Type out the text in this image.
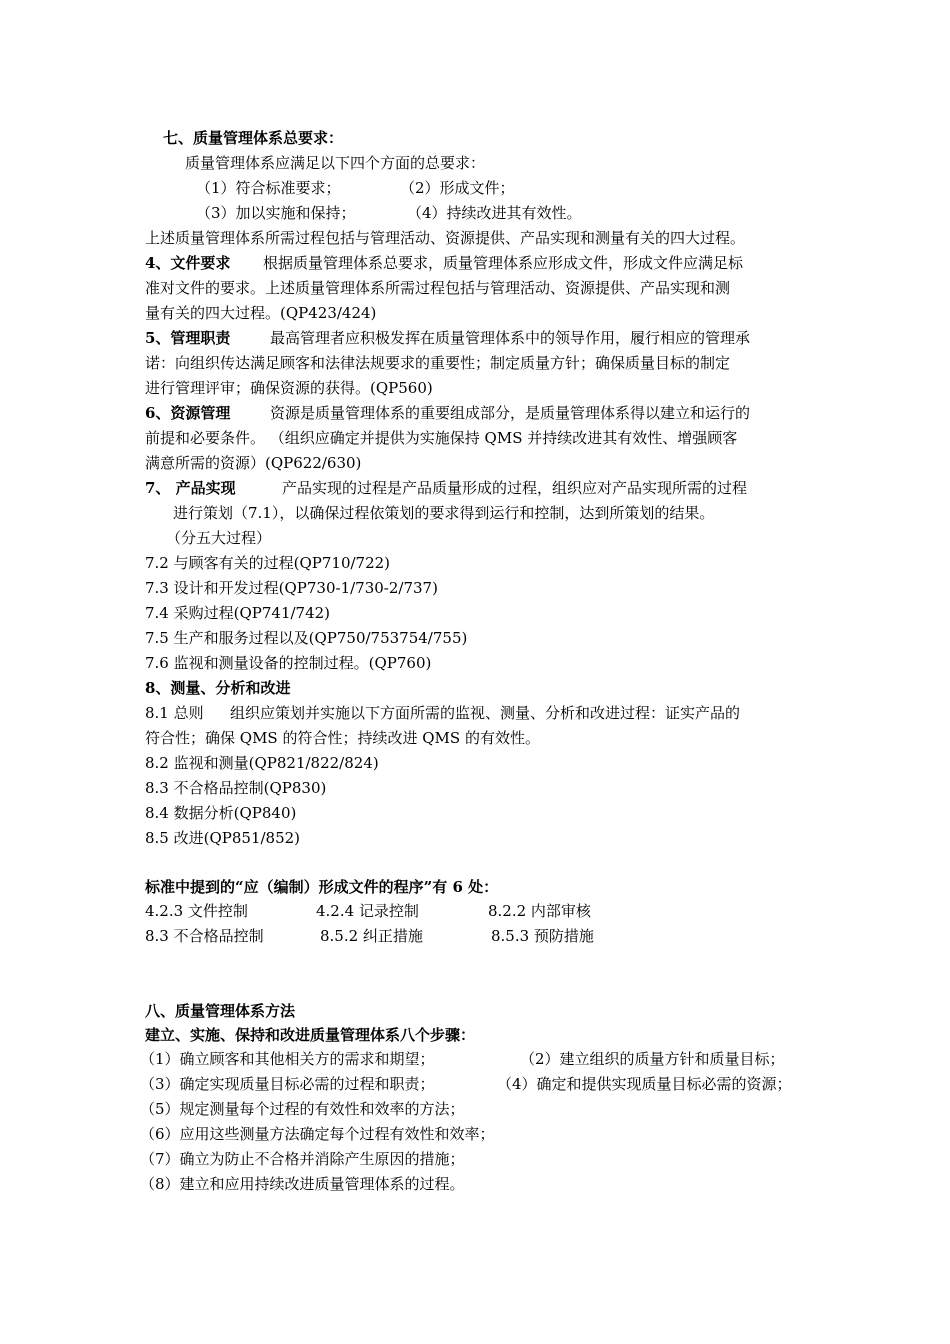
七、质量管理体系总要求：
质量管理体系应满足以下四个方面的总要求：
（1）符合标准要求；	（2）形成文件；
（3）加以实施和保持；	（4）持续改进其有效性。
上述质量管理体系所需过程包括与管理活动、资源提供、产品实现和测量有关的四大过程。
4、文件要求 根据质量管理体系总要求，质量管理体系应形成文件，形成文件应满足标
准对文件的要求。上述质量管理体系所需过程包括与管理活动、资源提供、产品实现和测
量有关的四大过程。(QP423/424)
5、管理职责	最高管理者应积极发挥在质量管理体系中的领导作用，履行相应的管理承
诺：向组织传达满足顾客和法律法规要求的重要性；制定质量方针；确保质量目标的制定
进行管理评审；确保资源的获得。(QP560)
6、资源管理	资源是质量管理体系的重要组成部分，是质量管理体系得以建立和运行的
前提和必要条件。 （组织应确定并提供为实施保持 QMS 并持续改进其有效性、增强顾客
满意所需的资源）(QP622/630)
7、 产品实现	产品实现的过程是产品质量形成的过程，组织应对产品实现所需的过程
进行策划（7.1），以确保过程依策划的要求得到运行和控制，达到所策划的结果。
（分五大过程）
7.2 与顾客有关的过程(QP710/722)
7.3 设计和开发过程(QP730-1/730-2/737)
7.4 采购过程(QP741/742)
7.5 生产和服务过程以及(QP750/753754/755)
7.6 监视和测量设备的控制过程。(QP760)
8、测量、分析和改进
8.1 总则 组织应策划并实施以下方面所需的监视、测量、分析和改进过程：证实产品的
符合性；确保 QMS 的符合性；持续改进 QMS 的有效性。
8.2 监视和测量(QP821/822/824)
8.3 不合格品控制(QP830)
8.4 数据分析(QP840)
8.5 改进(QP851/852)
标准中提到的“应（编制）形成文件的程序”有 6 处：
4.2.3 文件控制	4.2.4 记录控制	8.2.2 内部审核
8.3 不合格品控制	8.5.2 纠正措施	8.5.3 预防措施
八、质量管理体系方法
建立、实施、保持和改进质量管理体系八个步骤：
（1）确立顾客和其他相关方的需求和期望；	（2）建立组织的质量方针和质量目标；
（3）确定实现质量目标必需的过程和职责；	（4）确定和提供实现质量目标必需的资源；
（5）规定测量每个过程的有效性和效率的方法；
（6）应用这些测量方法确定每个过程有效性和效率；
（7）确立为防止不合格并消除产生原因的措施；
（8）建立和应用持续改进质量管理体系的过程。
